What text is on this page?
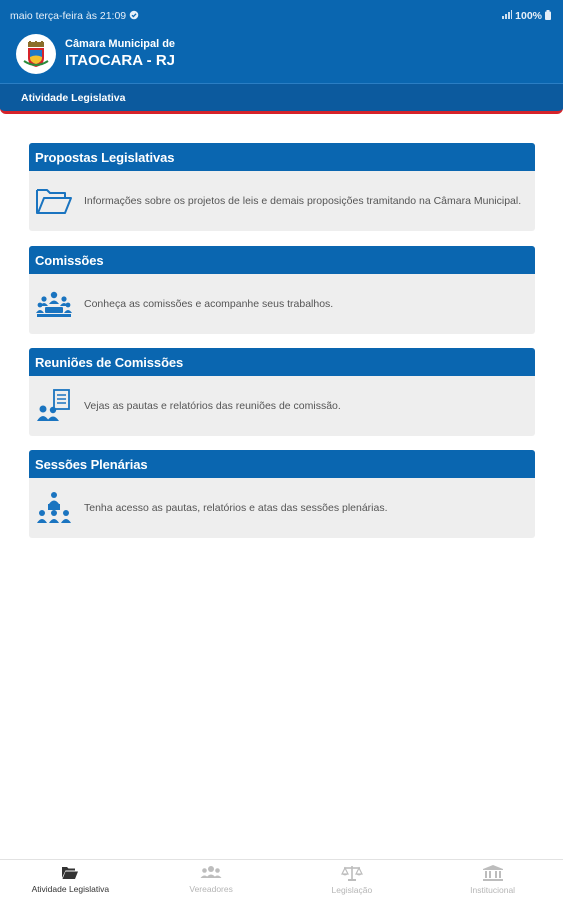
maio terça-feira às 21:09	100%
Câmara Municipal de
ITAOCARA - RJ
Atividade Legislativa
Propostas Legislativas
Informações sobre os projetos de leis e demais proposições tramitando na Câmara Municipal.
Comissões
Conheça as comissões e acompanhe seus trabalhos.
Reuniões de Comissões
Vejas as pautas e relatórios das reuniões de comissão.
Sessões Plenárias
Tenha acesso as pautas, relatórios e atas das sessões plenárias.
Atividade Legislativa	Vereadores	Legislação	Institucional
